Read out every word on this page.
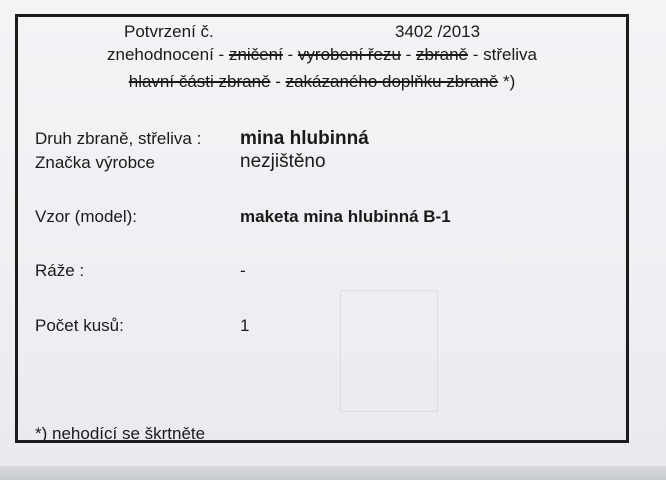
Potvrzení č.	3402 /2013
znehodnocení - zničení - vyrobení řezu - zbraně - střeliva
hlavní části zbraně - zakázaného doplňku zbraně *)
Druh zbraně, střeliva : mina hlubinná
Značka výrobce	nezjištěno
Vzor (model):	maketa mina hlubinná B-1
Ráže :	-
Počet kusů:	1
*) nehodící se škrtněte
